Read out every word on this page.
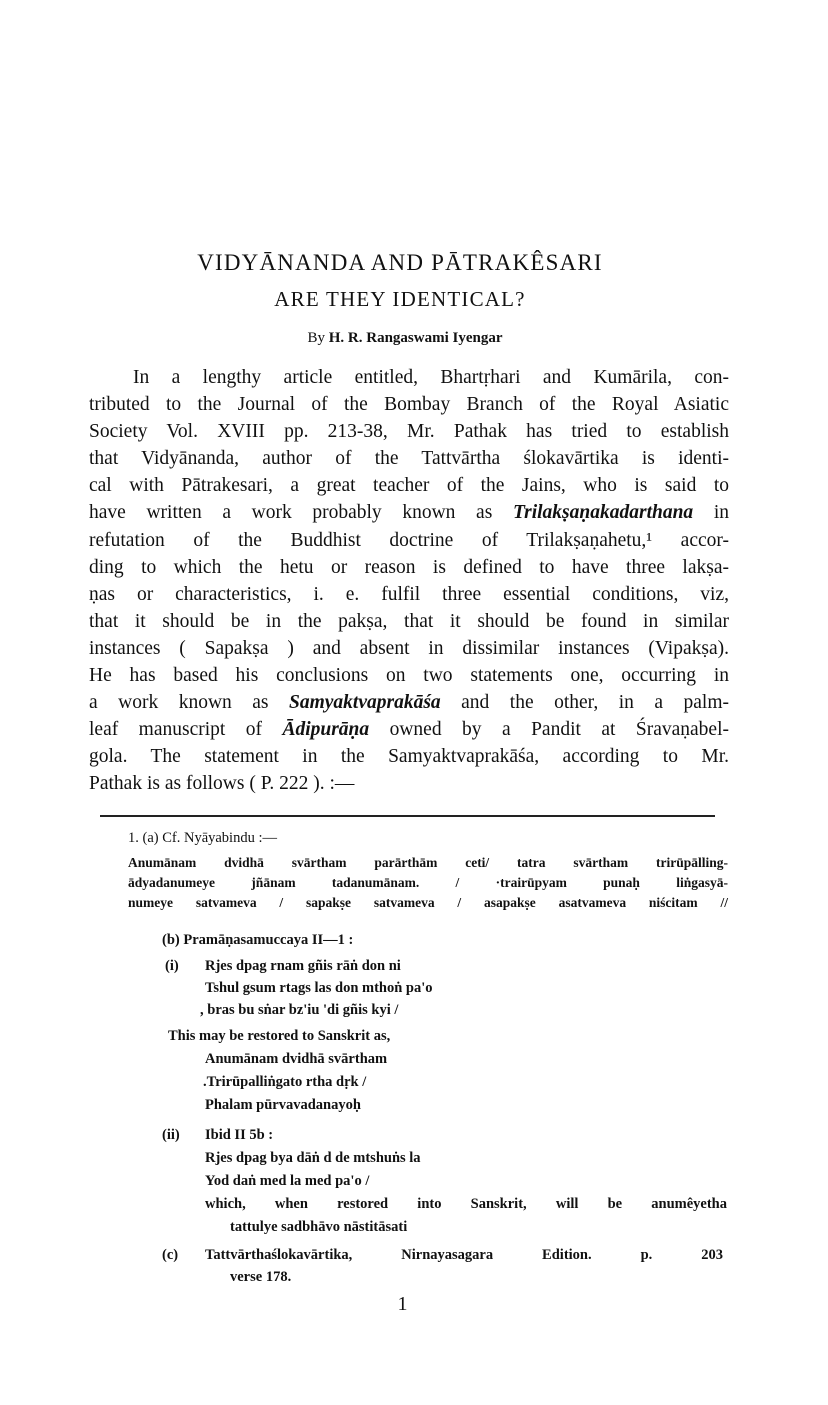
VIDYĀNANDA AND PĀTRAKÊSARI
ARE THEY IDENTICAL?
By H. R. Rangaswami Iyengar
In a lengthy article entitled, Bhartṛhari and Kumārila, con-
tributed to the Journal of the Bombay Branch of the Royal Asiatic
Society Vol. XVIII pp. 213-38, Mr. Pathak has tried to establish
that Vidyānanda, author of the Tattvārtha ślokavārtika is identi-
cal with Pātrakesari, a great teacher of the Jains, who is said to
have written a work probably known as Trilakṣaṇakadarthana in
refutation of the Buddhist doctrine of Trilakṣaṇahetu,¹ accor-
ding to which the hetu or reason is defined to have three lakṣa-
ṇas or characteristics, i. e. fulfil three essential conditions, viz,
that it should be in the pakṣa, that it should be found in similar
instances ( Sapakṣa ) and absent in dissimilar instances (Vipakṣa).
He has based his conclusions on two statements one, occurring in
a work known as Samyaktvaprakāśa and the other, in a palm-
leaf manuscript of Ādipurāṇa owned by a Pandit at Śravaṇabel-
gola. The statement in the Samyaktvaprakāśa, according to Mr.
Pathak is as follows ( P. 222 ). :—
1. (a) Cf. Nyāyabindu :—
Anumānam dvidhā svārtham parārthām ceti/ tatra svārtham trirūpālling-
ādyadanumeye jñānam tadanumānam. / ·trairūpyam punaḥ liṅgasyā-
numeye satvameva / sapakṣe satvameva / asapakṣe asatvameva niścitam //
(b) Pramāṇasamuccaya II—1 :
(i) Rjes dpag rnam gñis rāṅ don ni
Tshul gsum rtags las don mthoṅ pa'o
, bras bu sṅar bz'iu 'di gñis kyi /
This may be restored to Sanskrit as,
Anumānam dvidhā svārtham
.Trirūpalliṅgato rtha dṛk /
Phalam pūrvavadanayoḥ
(ii) Ibid II 5b :
Rjes dpag bya dāṅ d de mtshuṅs la
Yod daṅ med la med pa'o /
which, when restored into Sanskrit, will be anumêyetha
tattulye sadbhāvo nāstitāsati
(c) Tattvārthaślokavārtika, Nirnayasagara Edition. p. 203
verse 178.
1
